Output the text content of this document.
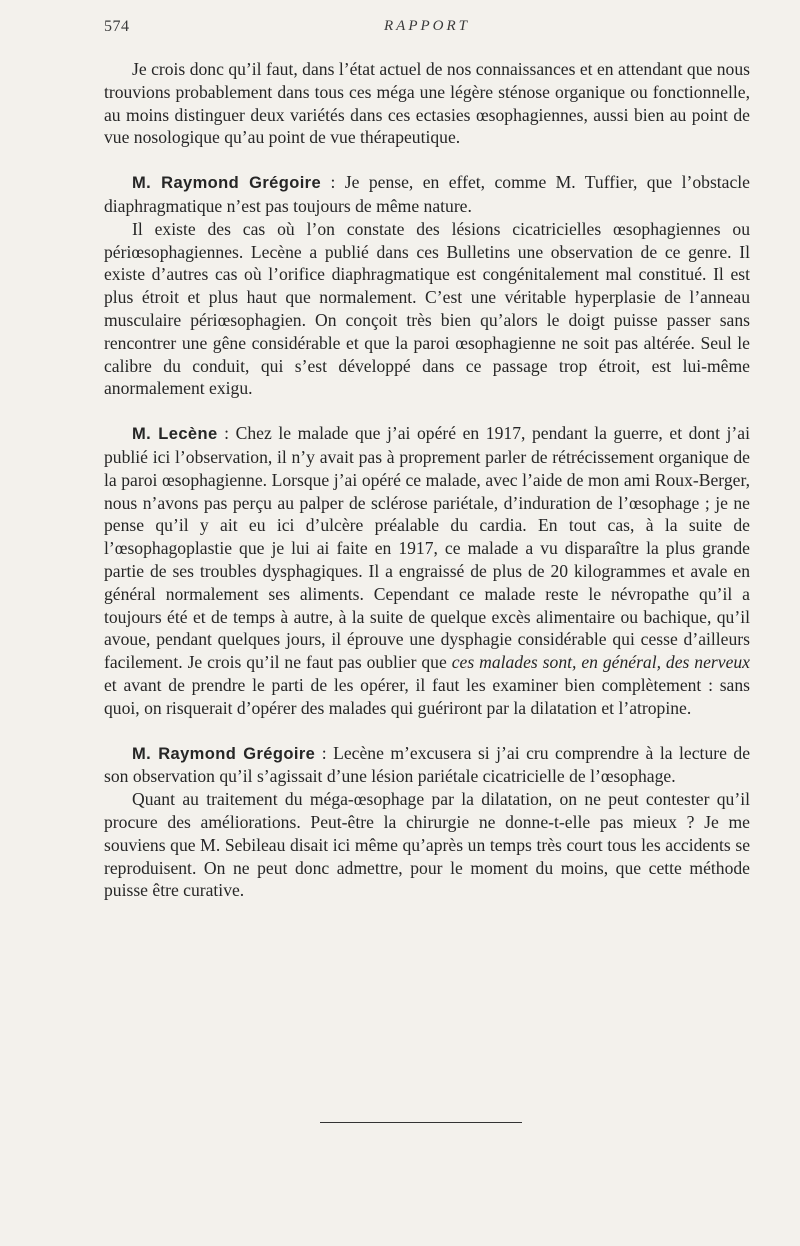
574	RAPPORT

Je crois donc qu’il faut, dans l’état actuel de nos connaissances et en attendant que nous trouvions probablement dans tous ces méga une légère sténose organique ou fonctionnelle, au moins distinguer deux variétés dans ces ectasies œsophagiennes, aussi bien au point de vue nosologique qu’au point de vue thérapeutique.

M. Raymond Grégoire : Je pense, en effet, comme M. Tuffier, que l’obstacle diaphragmatique n’est pas toujours de même nature.

Il existe des cas où l’on constate des lésions cicatricielles œsophagiennes ou périœsophagiennes. Lecène a publié dans ces Bulletins une observation de ce genre. Il existe d’autres cas où l’orifice diaphragmatique est congénitalement mal constitué. Il est plus étroit et plus haut que normalement. C’est une véritable hyperplasie de l’anneau musculaire périœsophagien. On conçoit très bien qu’alors le doigt puisse passer sans rencontrer une gêne considérable et que la paroi œsophagienne ne soit pas altérée. Seul le calibre du conduit, qui s’est développé dans ce passage trop étroit, est lui-même anormalement exigu.

M. Lecène : Chez le malade que j’ai opéré en 1917, pendant la guerre, et dont j’ai publié ici l’observation, il n’y avait pas à proprement parler de rétrécissement organique de la paroi œsophagienne. Lorsque j’ai opéré ce malade, avec l’aide de mon ami Roux-Berger, nous n’avons pas perçu au palper de sclérose pariétale, d’induration de l’œsophage ; je ne pense qu’il y ait eu ici d’ulcère préalable du cardia. En tout cas, à la suite de l’œsophagoplastie que je lui ai faite en 1917, ce malade a vu disparaître la plus grande partie de ses troubles dysphagiques. Il a engraissé de plus de 20 kilogrammes et avale en général normalement ses aliments. Cependant ce malade reste le névropathe qu’il a toujours été et de temps à autre, à la suite de quelque excès alimentaire ou bachique, qu’il avoue, pendant quelques jours, il éprouve une dysphagie considérable qui cesse d’ailleurs facilement. Je crois qu’il ne faut pas oublier que ces malades sont, en général, des nerveux et avant de prendre le parti de les opérer, il faut les examiner bien complètement : sans quoi, on risquerait d’opérer des malades qui guériront par la dilatation et l’atropine.

M. Raymond Grégoire : Lecène m’excusera si j’ai cru comprendre à la lecture de son observation qu’il s’agissait d’une lésion pariétale cicatricielle de l’œsophage.

Quant au traitement du méga-œsophage par la dilatation, on ne peut contester qu’il procure des améliorations. Peut-être la chirurgie ne donne-t-elle pas mieux ? Je me souviens que M. Sebileau disait ici même qu’après un temps très court tous les accidents se reproduisent. On ne peut donc admettre, pour le moment du moins, que cette méthode puisse être curative.
